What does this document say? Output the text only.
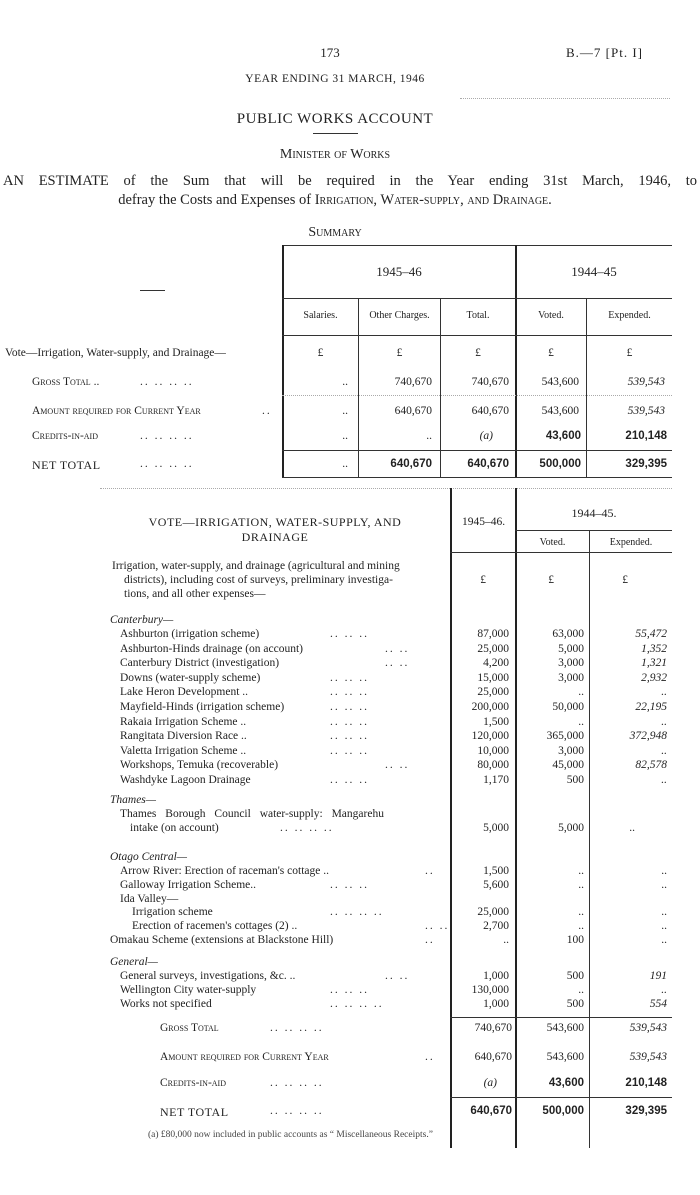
173	B.—7 [Pt. I]
YEAR ENDING 31 MARCH, 1946
PUBLIC WORKS ACCOUNT
Minister of Works
AN ESTIMATE of the Sum that will be required in the Year ending 31st March, 1946, to
defray the Costs and Expenses of Irrigation, Water-supply, and Drainage.
Summary
1945–46	1944–45
Salaries.	Other Charges.	Total.	Voted.	Expended.
Vote—Irrigation, Water-supply, and Drainage—	£	£	£	£	£
Gross Total ..	.. .. .. ..	..	740,670	740,670	543,600	539,543
Amount required for Current Year	..	..	640,670	640,670	543,600	539,543
Credits-in-aid	.. .. .. ..	..	..	(a)	43,600	210,148
NET TOTAL	.. .. .. ..	..	640,670	640,670	500,000	329,395
VOTE—IRRIGATION, WATER-SUPPLY, AND
DRAINAGE
1945–46.
1944–45.
Voted.	Expended.
Irrigation, water-supply, and drainage (agricultural and mining
districts), including cost of surveys, preliminary investiga-
tions, and all other expenses—
£	£	£
Canterbury—
Ashburton (irrigation scheme)	.. .. ..	87,000	63,000	55,472
Ashburton-Hinds drainage (on account)	.. ..	25,000	5,000	1,352
Canterbury District (investigation)	.. ..	4,200	3,000	1,321
Downs (water-supply scheme)	.. .. ..	15,000	3,000	2,932
Lake Heron Development ..	.. .. ..	25,000	..	..
Mayfield-Hinds (irrigation scheme)	.. .. ..	200,000	50,000	22,195
Rakaia Irrigation Scheme ..	.. .. ..	1,500	..	..
Rangitata Diversion Race ..	.. .. ..	120,000	365,000	372,948
Valetta Irrigation Scheme ..	.. .. ..	10,000	3,000	..
Workshops, Temuka (recoverable)	.. ..	80,000	45,000	82,578
Washdyke Lagoon Drainage	.. .. ..	1,170	500	..
Thames—
Thames Borough Council water-supply: Mangarehu
intake (on account)	.. .. .. ..	5,000	5,000	..
Otago Central—
Arrow River: Erection of raceman's cottage ..	..	1,500	..	..
Galloway Irrigation Scheme..	.. .. ..	5,600	..	..
Ida Valley—
Irrigation scheme	.. .. .. ..	25,000	..	..
Erection of racemen's cottages (2) ..	.. ..	2,700	..	..
Omakau Scheme (extensions at Blackstone Hill)	..	..	100	..
General—
General surveys, investigations, &c. ..	.. ..	1,000	500	191
Wellington City water-supply	.. .. ..	130,000	..	..
Works not specified	.. .. .. ..	1,000	500	554
Gross Total	.. .. .. ..	740,670	543,600	539,543
Amount required for Current Year	..	640,670	543,600	539,543
Credits-in-aid	.. .. .. ..	(a)	43,600	210,148
NET TOTAL	.. .. .. ..	640,670	500,000	329,395
(a) £80,000 now included in public accounts as “ Miscellaneous Receipts.”
